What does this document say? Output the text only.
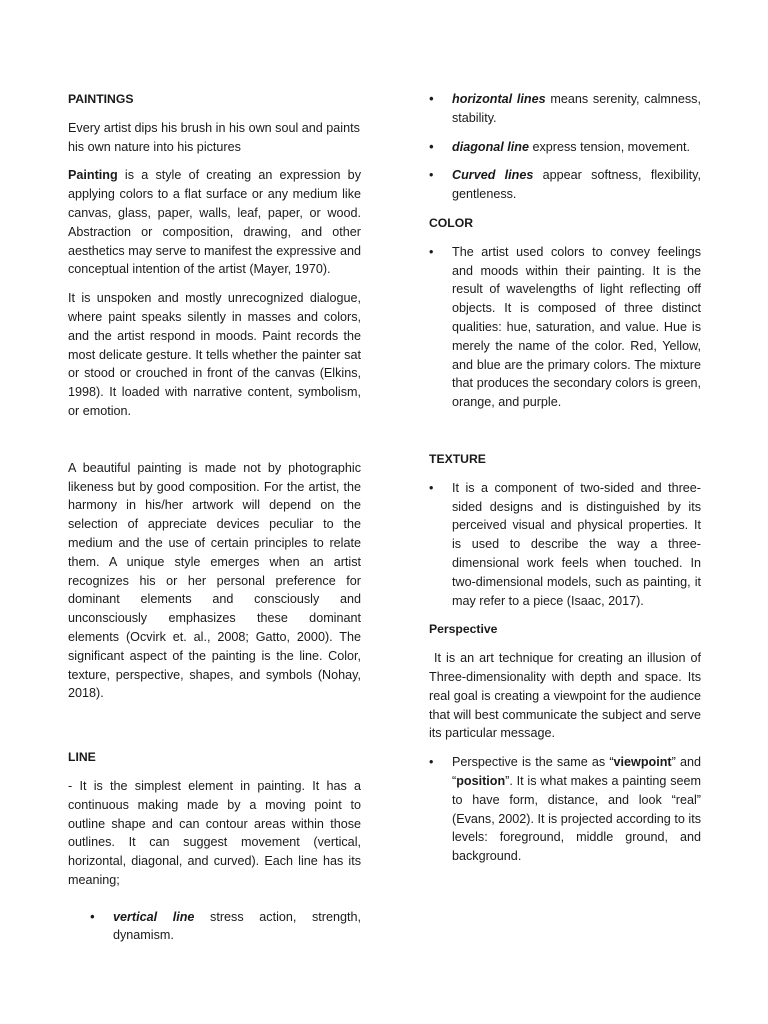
PAINTINGS

Every artist dips his brush in his own soul and paints his own nature into his pictures

Painting is a style of creating an expression by applying colors to a flat surface or any medium like canvas, glass, paper, walls, leaf, paper, or wood. Abstraction or composition, drawing, and other aesthetics may serve to manifest the expressive and conceptual intention of the artist (Mayer, 1970).

It is unspoken and mostly unrecognized dialogue, where paint speaks silently in masses and colors, and the artist respond in moods. Paint records the most delicate gesture. It tells whether the painter sat or stood or crouched in front of the canvas (Elkins, 1998). It loaded with narrative content, symbolism, or emotion.

A beautiful painting is made not by photographic likeness but by good composition. For the artist, the harmony in his/her artwork will depend on the selection of appreciate devices peculiar to the medium and the use of certain principles to relate them. A unique style emerges when an artist recognizes his or her personal preference for dominant elements and consciously and unconsciously emphasizes these dominant elements (Ocvirk et. al., 2008; Gatto, 2000). The significant aspect of the painting is the line. Color, texture, perspective, shapes, and symbols (Nohay, 2018).

LINE

- It is the simplest element in painting. It has a continuous making made by a moving point to outline shape and can contour areas within those outlines. It can suggest movement (vertical, horizontal, diagonal, and curved). Each line has its meaning;

• vertical line stress action, strength, dynamism.
• horizontal lines means serenity, calmness, stability.
• diagonal line express tension, movement.
• Curved lines appear softness, flexibility, gentleness.
COLOR
• The artist used colors to convey feelings and moods within their painting. It is the result of wavelengths of light reflecting off objects. It is composed of three distinct qualities: hue, saturation, and value. Hue is merely the name of the color. Red, Yellow, and blue are the primary colors. The mixture that produces the secondary colors is green, orange, and purple.
TEXTURE
• It is a component of two-sided and three-sided designs and is distinguished by its perceived visual and physical properties. It is used to describe the way a three-dimensional work feels when touched. In two-dimensional models, such as painting, it may refer to a piece (Isaac, 2017).
Perspective

It is an art technique for creating an illusion of Three-dimensionality with depth and space. Its real goal is creating a viewpoint for the audience that will best communicate the subject and serve its particular message.

• Perspective is the same as “viewpoint” and “position”. It is what makes a painting seem to have form, distance, and look “real” (Evans, 2002). It is projected according to its levels: foreground, middle ground, and background.
